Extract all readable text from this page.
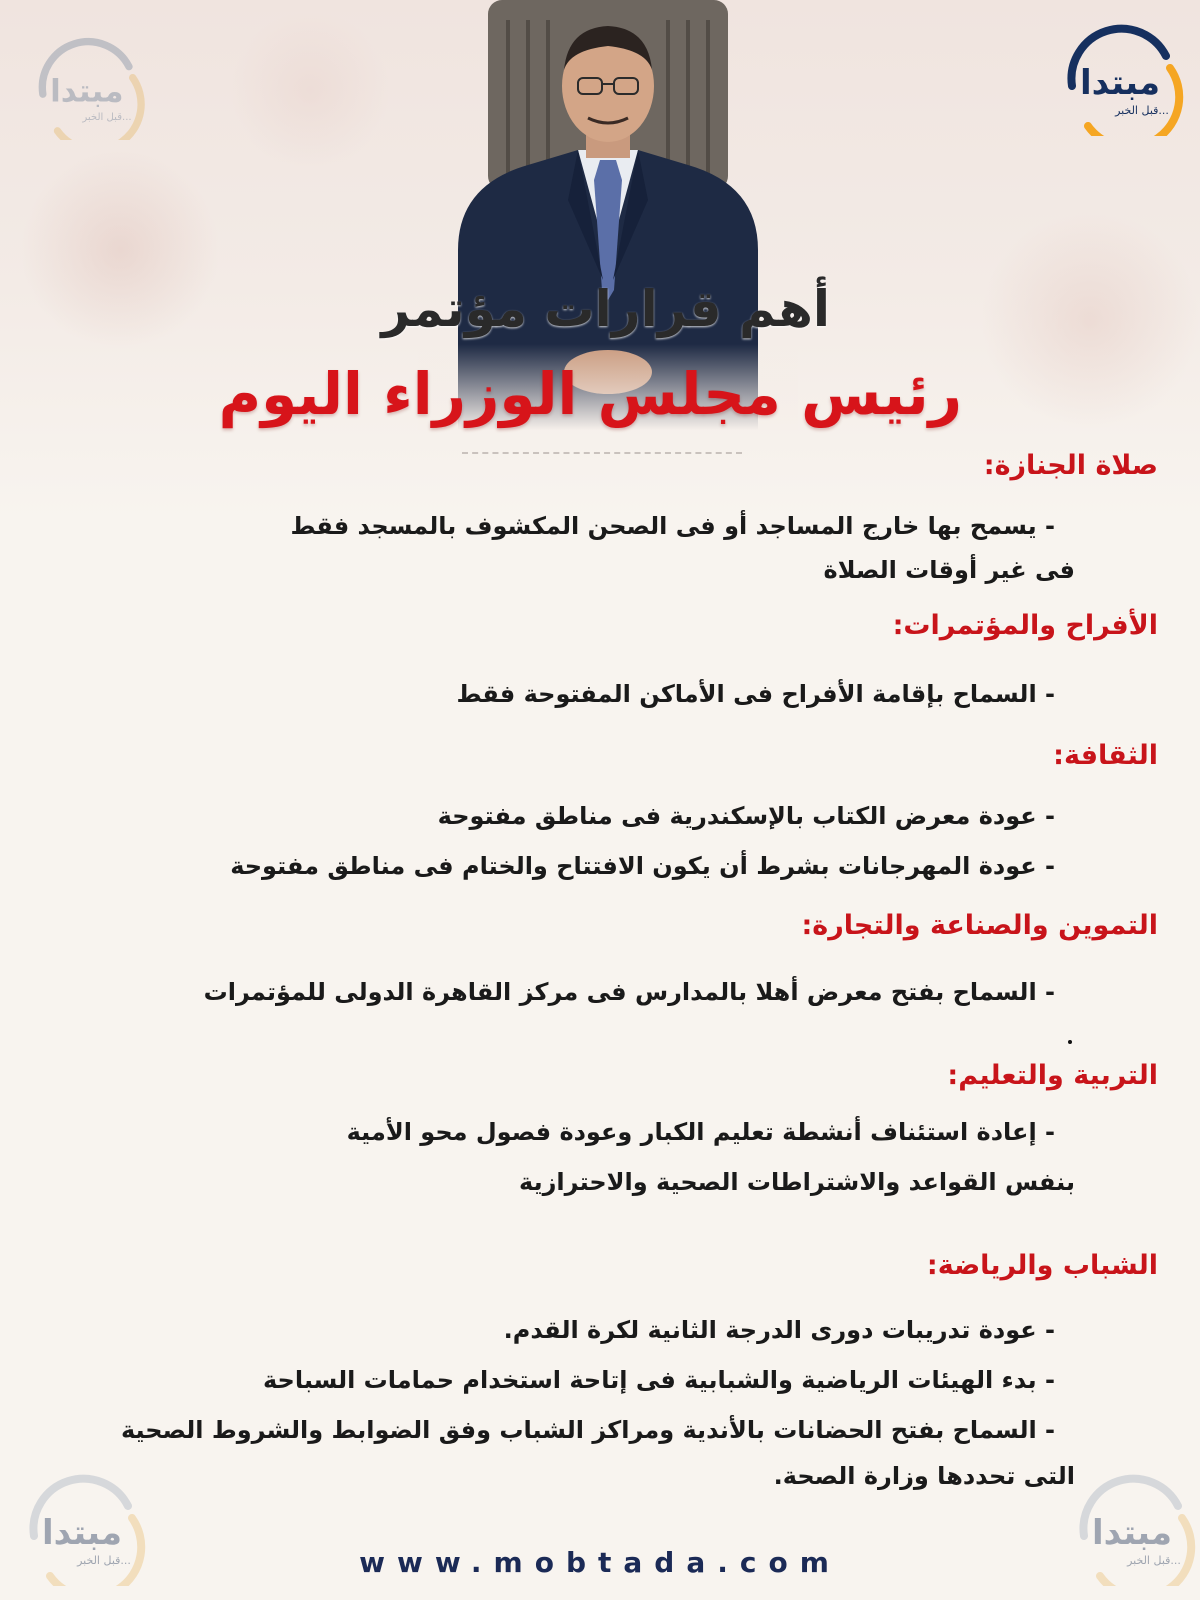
مبتدا
قبل الخبر...
مبتدا
قبل الخبر...
مبتدا
قبل الخبر...
مبتدا
قبل الخبر...
أهم قرارات مؤتمر
رئيس مجلس الوزراء اليوم
صلاة الجنازة:

- يسمح بها خارج المساجد أو فى الصحن المكشوف بالمسجد فقط

فى غير أوقات الصلاة

الأفراح والمؤتمرات:

- السماح بإقامة الأفراح فى الأماكن المفتوحة فقط

الثقافة:

- عودة معرض الكتاب بالإسكندرية فى مناطق مفتوحة

- عودة المهرجانات بشرط أن يكون الافتتاح والختام فى مناطق مفتوحة

التموين والصناعة والتجارة:

- السماح بفتح معرض أهلا بالمدارس فى مركز القاهرة الدولى للمؤتمرات

التربية والتعليم:

- إعادة استئناف أنشطة تعليم الكبار وعودة فصول محو الأمية

بنفس القواعد والاشتراطات الصحية والاحترازية

الشباب والرياضة:

- عودة تدريبات دورى الدرجة الثانية لكرة القدم.

- بدء الهيئات الرياضية والشبابية فى إتاحة استخدام حمامات السباحة

- السماح بفتح الحضانات بالأندية ومراكز الشباب وفق الضوابط والشروط الصحية

التى تحددها وزارة الصحة.

www.mobtada.com
